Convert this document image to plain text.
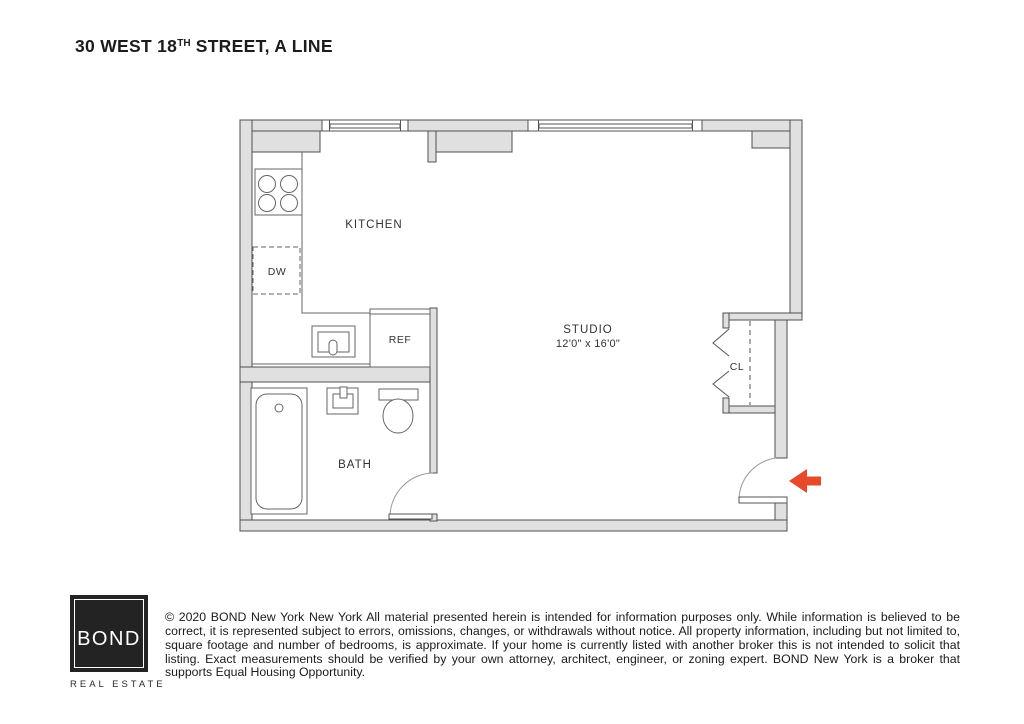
30 WEST 18TH STREET, A LINE
KITCHEN
STUDIO
12'0" x 16'0"
BATH
DW
REF
CL
BOND
REAL ESTATE

© 2020 BOND New York New York All material presented herein is intended for information purposes only. While information is believed to be correct, it is represented subject to errors, omissions, changes, or withdrawals without notice. All property information, including but not limited to, square footage and number of bedrooms, is approximate. If your home is currently listed with another broker this is not intended to solicit that listing. Exact measurements should be verified by your own attorney, architect, engineer, or zoning expert. BOND New York is a broker that supports Equal Housing Opportunity.
